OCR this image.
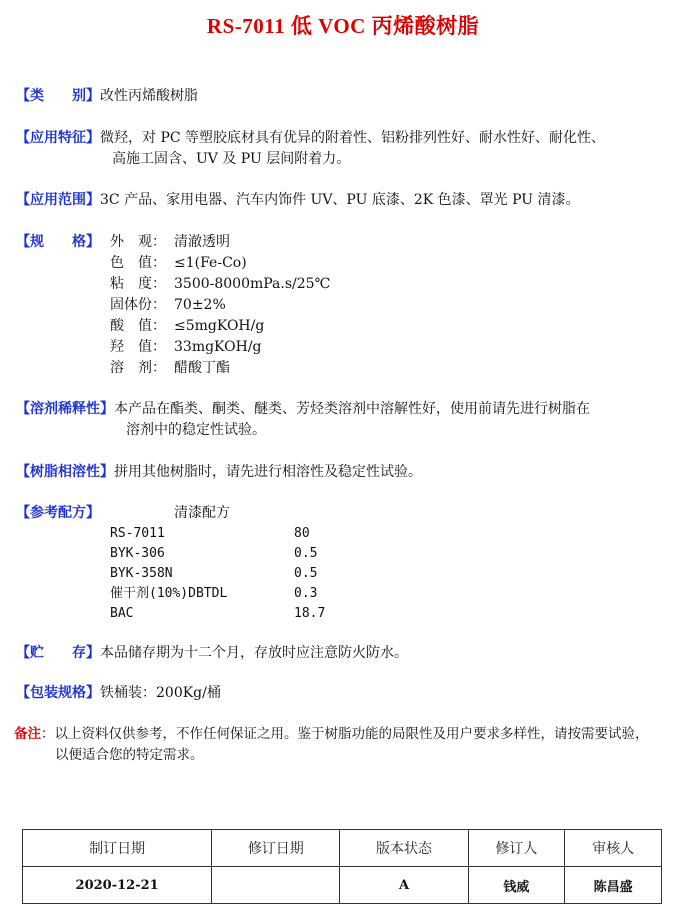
RS-7011 低 VOC 丙烯酸树脂
【类　　别】改性丙烯酸树脂
【应用特征】微羟，对 PC 等塑胶底材具有优异的附着性、铝粉排列性好、耐水性好、耐化性、
高施工固含、UV 及 PU 层间附着力。
【应用范围】3C 产品、家用电器、汽车内饰件 UV、PU 底漆、2K 色漆、罩光 PU 清漆。
【规　　格】 外　观： 清澈透明
色　值： ≤1(Fe-Co)
粘　度： 3500-8000mPa.s/25℃
固体份： 70±2%
酸　值： ≤5mgKOH/g
羟　值： 33mgKOH/g
溶　剂： 醋酸丁酯
【溶剂稀释性】本产品在酯类、酮类、醚类、芳烃类溶剂中溶解性好，使用前请先进行树脂在
溶剂中的稳定性试验。
【树脂相溶性】拼用其他树脂时，请先进行相溶性及稳定性试验。
【参考配方】	清漆配方
RS-7011	80
BYK-306	0.5
BYK-358N	0.5
催干剂(10%)DBTDL	0.3
BAC	18.7
【贮　　存】本品储存期为十二个月，存放时应注意防火防水。
【包装规格】铁桶装：200Kg/桶
备注：以上资料仅供参考，不作任何保证之用。鉴于树脂功能的局限性及用户要求多样性，请按需要试验，
以便适合您的特定需求。
制订日期	修订日期	版本状态	修订人	审核人
2020-12-21		A	钱威	陈昌盛
